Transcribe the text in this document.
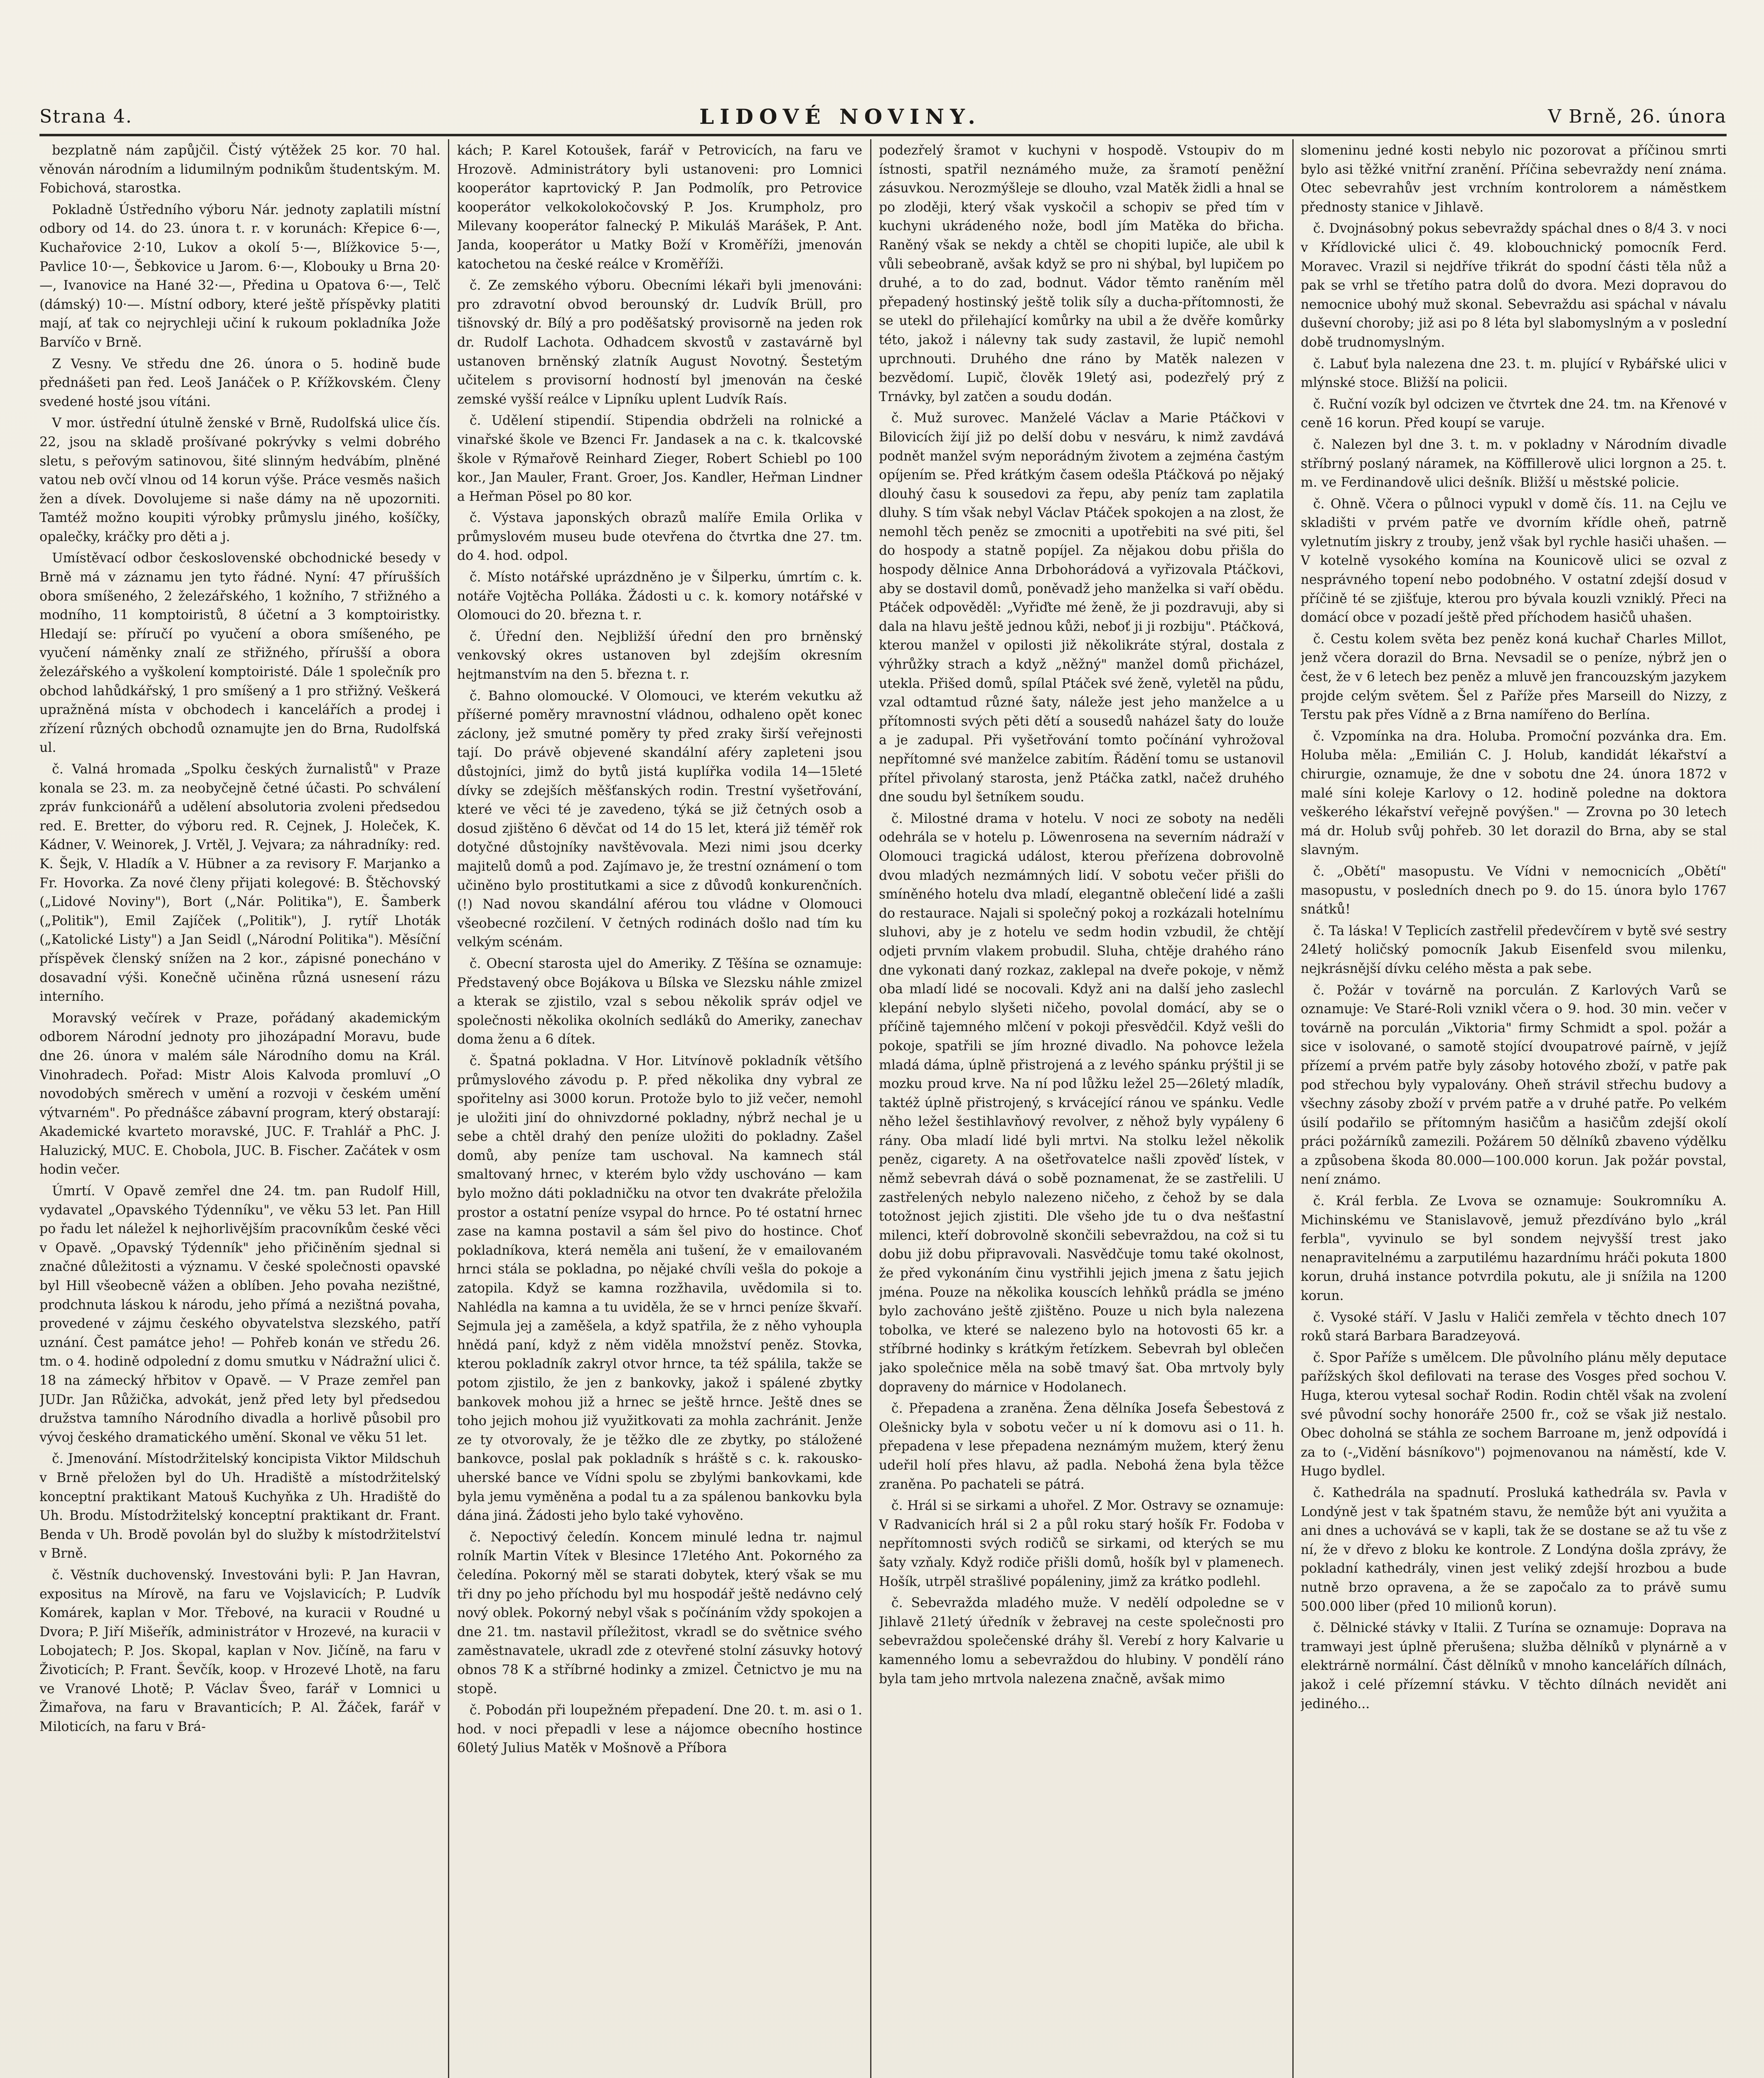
Strana 4.	LIDOVÉ NOVINY.	V Brně, 26. února

bezplatně nám zapůjčil. Čistý výtěžek 25 kor. 70 hal. věnován národním a lidumilným podnikům študentským. M. Fobichová, starostka.

Pokladně Ústředního výboru Nár. jednoty zaplatili místní odbory od 14. do 23. února t. r. v korunách: Křepice 6·—, Kuchařovice 2·10, Lukov a okolí 5·—, Blížkovice 5·—, Pavlice 10·—, Šebkovice u Jarom. 6·—, Klobouky u Brna 20·—, Ivanovice na Hané 32·—, Předina u Opatova 6·—, Telč (dámský) 10·—. Místní odbory, které ještě příspěvky platiti mají, ať tak co nejrychleji učiní k rukoum pokladníka Jože Barvíčo v Brně.

Z Vesny. Ve středu dne 26. února o 5. hodině bude přednášeti pan řed. Leoš Janáček o P. Křížkovském. Členy svedené hosté jsou vítáni.

V mor. ústřední útulně ženské v Brně, Rudolfská ulice čís. 22, jsou na skladě prošívané pokrývky s velmi dobrého sletu, s peřovým satinovou, šité slinným hedvábím, plněné vatou neb ovčí vlnou od 14 korun výše. Práce vesměs našich žen a dívek. Dovolujeme si naše dámy na ně upozorniti. Tamtéž možno koupiti výrobky průmyslu jiného, košíčky, opalečky, kráčky pro děti a j.

Umístěvací odbor československé obchodnické besedy v Brně má v záznamu jen tyto řádné. Nyní: 47 přírušších obora smíšeného, 2 železářského, 1 kožního, 7 střižného a modního, 11 komptoiristů, 8 účetní a 3 komptoiristky. Hledají se: příručí po vyučení a obora smíšeného, pe vyučení náměnky znalí ze střižného, přírušší a obora železářského a vyškolení komptoiristé. Dále 1 společník pro obchod lahůdkářský, 1 pro smíšený a 1 pro střižný. Veškerá upražněná místa v obchodech i kancelářích a prodej i zřízení různých obchodů oznamujte jen do Brna, Rudolfská ul.

č. Valná hromada „Spolku českých žurnalistů" v Praze konala se 23. m. za neobyčejně četné účasti. Po schválení zpráv funkcionářů a udělení absolutoria zvoleni předsedou red. E. Bretter, do výboru red. R. Cejnek, J. Holeček, K. Kádner, V. Weinorek, J. Vrtěl, J. Vejvara; za náhradníky: red. K. Šejk, V. Hladík a V. Hübner a za revisory F. Marjanko a Fr. Hovorka. Za nové členy přijati kolegové: B. Štěchovský („Lidové Noviny"), Bort („Nár. Politika"), E. Šamberk („Politik"), Emil Zajíček („Politik"), J. rytíř Lhoták („Katolické Listy") a Jan Seidl („Národní Politika"). Měsíční příspěvek členský snížen na 2 kor., zápisné ponecháno v dosavadní výši. Konečně učiněna různá usnesení rázu interního.

Moravský večírek v Praze, pořádaný akademickým odborem Národní jednoty pro jihozápadní Moravu, bude dne 26. února v malém sále Národního domu na Král. Vinohradech. Pořad: Mistr Alois Kalvoda promluví „O novodobých směrech v umění a rozvoji v českém umění výtvarném". Po přednášce zábavní program, který obstarají: Akademické kvarteto moravské, JUC. F. Trahlář a PhC. J. Haluzický, MUC. E. Chobola, JUC. B. Fischer. Začátek v osm hodin večer.

Úmrtí. V Opavě zemřel dne 24. tm. pan Rudolf Hill, vydavatel „Opavského Týdenníku", ve věku 53 let. Pan Hill po řadu let náležel k nejhorlivějším pracovníkům české věci v Opavě. „Opavský Týdenník" jeho přičiněním sjednal si značné důležitosti a významu. V české společnosti opavské byl Hill všeobecně vážen a oblíben. Jeho povaha nezištné, prodchnuta láskou k národu, jeho přímá a nezištná povaha, provedené v zájmu českého obyvatelstva slezského, patří uznání. Čest památce jeho! — Pohřeb konán ve středu 26. tm. o 4. hodině odpolední z domu smutku v Nádražní ulici č. 18 na zámecký hřbitov v Opavě. — V Praze zemřel pan JUDr. Jan Růžička, advokát, jenž před lety byl předsedou družstva tamního Národního divadla a horlivě působil pro vývoj českého dramatického umění. Skonal ve věku 51 let.

č. Jmenování. Místodržitelský koncipista Viktor Mildschuh v Brně přeložen byl do Uh. Hradiště a místodržitelský konceptní praktikant Matouš Kuchyňka z Uh. Hradiště do Uh. Brodu. Místodržitelský konceptní praktikant dr. Frant. Benda v Uh. Brodě povolán byl do služby k místodržitelství v Brně.

č. Věstník duchovenský. Investováni byli: P. Jan Havran, expositus na Mírově, na faru ve Vojslavicích; P. Ludvík Komárek, kaplan v Mor. Třebové, na kuracii v Roudné u Dvora; P. Jiří Mišeřík, administrátor v Hrozevé, na kuracii v Lobojatech; P. Jos. Skopal, kaplan v Nov. Jičíně, na faru v Životicích; P. Frant. Ševčík, koop. v Hrozevé Lhotě, na faru ve Vranové Lhotě; P. Václav Šveo, farář v Lomnici u Žimařova, na faru v Bravanticích; P. Al. Žáček, farář v Miloticích, na faru v Brá-

kách; P. Karel Kotoušek, farář v Petrovicích, na faru ve Hrozově. Administrátory byli ustanoveni: pro Lomnici kooperátor kaprtovický P. Jan Podmolík, pro Petrovice kooperátor velkokolokočovský P. Jos. Krumpholz, pro Milevany kooperátor falnecký P. Mikuláš Marášek, P. Ant. Janda, kooperátor u Matky Boží v Kroměříži, jmenován katochetou na české reálce v Kroměříži.

č. Ze zemského výboru. Obecními lékaři byli jmenováni: pro zdravotní obvod berounský dr. Ludvík Brüll, pro tišnovský dr. Bílý a pro poděšatský provisorně na jeden rok dr. Rudolf Lachota. Odhadcem skvostů v zastavárně byl ustanoven brněnský zlatník August Novotný. Šestetým učitelem s provisorní hodností byl jmenován na české zemské vyšší reálce v Lipníku uplent Ludvík Raís.

č. Udělení stipendií. Stipendia obdrželi na rolnické a vinařské škole ve Bzenci Fr. Jandasek a na c. k. tkalcovské škole v Rýmařově Reinhard Zieger, Robert Schiebl po 100 kor., Jan Mauler, Frant. Groer, Jos. Kandler, Heřman Lindner a Heřman Pösel po 80 kor.

č. Výstava japonských obrazů malíře Emila Orlika v průmyslovém museu bude otevřena do čtvrtka dne 27. tm. do 4. hod. odpol.

č. Místo notářské uprázdněno je v Šilperku, úmrtím c. k. notáře Vojtěcha Polláka. Žádosti u c. k. komory notářské v Olomouci do 20. března t. r.

č. Úřední den. Nejbližší úřední den pro brněnský venkovský okres ustanoven byl zdejším okresním hejtmanstvím na den 5. března t. r.

č. Bahno olomoucké. V Olomouci, ve kterém vekutku až příšerné poměry mravnostní vládnou, odhaleno opět konec záclony, jež smutné poměry ty před zraky širší veřejnosti tají. Do právě objevené skandální aféry zapleteni jsou důstojníci, jimž do bytů jistá kuplířka vodila 14—15leté dívky se zdejších měšťanských rodin. Trestní vyšetřování, které ve věci té je zavedeno, týká se již četných osob a dosud zjištěno 6 děvčat od 14 do 15 let, která již téměř rok dotyčné důstojníky navštěvovala. Mezi nimi jsou dcerky majitelů domů a pod. Zajímavo je, že trestní oznámení o tom učiněno bylo prostitutkami a sice z důvodů konkurenčních.(!) Nad novou skandální aférou tou vládne v Olomouci všeobecné rozčilení. V četných rodinách došlo nad tím ku velkým scénám.

č. Obecní starosta ujel do Ameriky. Z Těšína se oznamuje: Představený obce Bojákova u Bílska ve Slezsku náhle zmizel a kterak se zjistilo, vzal s sebou několik správ odjel ve společnosti několika okolních sedláků do Ameriky, zanechav doma ženu a 6 dítek.

č. Špatná pokladna. V Hor. Litvínově pokladník většího průmyslového závodu p. P. před několika dny vybral ze spořitelny asi 3000 korun. Protože bylo to již večer, nemohl je uložiti jiní do ohnivzdorné pokladny, nýbrž nechal je u sebe a chtěl drahý den peníze uložiti do pokladny. Zašel domů, aby peníze tam uschoval. Na kamnech stál smaltovaný hrnec, v kterém bylo vždy uschováno — kam bylo možno dáti pokladničku na otvor ten dvakráte přeložila prostor a ostatní peníze vsypal do hrnce. Po té ostatní hrnec zase na kamna postavil a sám šel pivo do hostince. Choť pokladníkova, která neměla ani tušení, že v emailovaném hrnci stála se pokladna, po nějaké chvíli vešla do pokoje a zatopila. Když se kamna rozžhavila, uvědomila si to. Nahlédla na kamna a tu uviděla, že se v hrnci peníze škvaří. Sejmula jej a zaměšela, a když spatřila, že z něho vyhoupla hnědá paní, když z něm viděla množství peněz. Stovka, kterou pokladník zakryl otvor hrnce, ta též spálila, takže se potom zjistilo, že jen z bankovky, jakož i spálené zbytky bankovek mohou již a hrnec se ještě hrnce. Ještě dnes se toho jejich mohou již využitkovati za mohla zachránit. Jenže ze ty otvorovaly, že je těžko dle ze zbytky, po stáložené bankovce, poslal pak pokladník s hráště s c. k. rakousko-uherské bance ve Vídni spolu se zbylými bankovkami, kde byla jemu vyměněna a podal tu a za spálenou bankovku byla dána jiná. Žádosti jeho bylo také vyhověno.

č. Nepoctivý čeledín. Koncem minulé ledna tr. najmul rolník Martin Vítek v Blesince 17letého Ant. Pokorného za čeledína. Pokorný měl se starati dobytek, který však se mu tři dny po jeho příchodu byl mu hospodář ještě nedávno celý nový oblek. Pokorný nebyl však s počínáním vždy spokojen a dne 21. tm. nastavil příležitost, vkradl se do světnice svého zaměstnavatele, ukradl zde z otevřené stolní zásuvky hotový obnos 78 K a stříbrné hodinky a zmizel. Četnictvo je mu na stopě.

č. Pobodán při loupežném přepadení. Dne 20. t. m. asi o 1. hod. v noci přepadli v lese a nájomce obecního hostince 60letý Julius Matěk v Mošnově a Příbora

podezřelý šramot v kuchyni v hospodě. Vstoupiv do m ístnosti, spatřil neznámého muže, za šramotí peněžní zásuvkou. Nerozmýšleje se dlouho, vzal Matěk židli a hnal se po zloději, který však vyskočil a schopiv se před tím v kuchyni ukrádeného nože, bodl jím Matěka do břicha. Raněný však se nekdy a chtěl se chopiti lupiče, ale ubil k vůli sebeobraně, avšak když se pro ni shýbal, byl lupičem po druhé, a to do zad, bodnut. Vádor těmto raněním měl přepadený hostinský ještě tolik síly a ducha-přítomnosti, že se utekl do přilehající komůrky na ubil a že dvěře komůrky této, jakož i nálevny tak sudy zastavil, že lupič nemohl uprchnouti. Druhého dne ráno by Matěk nalezen v bezvědomí. Lupič, člověk 19letý asi, podezřelý prý z Trnávky, byl zatčen a soudu dodán.

č. Muž surovec. Manželé Václav a Marie Ptáčkovi v Bilovicích žijí již po delší dobu v nesváru, k nimž zavdává podnět manžel svým neporádným životem a zejména častým opíjením se. Před krátkým časem odešla Ptáčková po nějaký dlouhý času k sousedovi za řepu, aby peníz tam zaplatila dluhy. S tím však nebyl Václav Ptáček spokojen a na zlost, že nemohl těch peněz se zmocniti a upotřebiti na své piti, šel do hospody a statně popíjel. Za nějakou dobu přišla do hospody dělnice Anna Drbohorádová a vyřizovala Ptáčkovi, aby se dostavil domů, poněvadž jeho manželka si vaří obědu. Ptáček odpověděl: „Vyřiďte mé ženě, že ji pozdravuji, aby si dala na hlavu ještě jednou kůži, neboť ji ji rozbiju". Ptáčková, kterou manžel v opilosti již několikráte stýral, dostala z výhrůžky strach a když „něžný" manžel domů přicházel, utekla. Přišed domů, spílal Ptáček své ženě, vyletěl na půdu, vzal odtamtud různé šaty, náleže jest jeho manželce a u přítomnosti svých pěti dětí a sousedů naházel šaty do louže a je zadupal. Při vyšetřování tomto počínání vyhrožoval nepřítomné své manželce zabitím. Řádění tomu se ustanovil přítel přivolaný starosta, jenž Ptáčka zatkl, načež druhého dne soudu byl šetníkem soudu.

č. Milostné drama v hotelu. V noci ze soboty na neděli odehrála se v hotelu p. Löwenrosena na severním nádraží v Olomouci tragická událost, kterou přeřízena dobrovolně dvou mladých nezmámných lidí. V sobotu večer přišli do smíněného hotelu dva mladí, elegantně oblečení lidé a zašli do restaurace. Najali si společný pokoj a rozkázali hotelnímu sluhovi, aby je z hotelu ve sedm hodin vzbudil, že chtějí odjeti prvním vlakem probudil. Sluha, chtěje drahého ráno dne vykonati daný rozkaz, zaklepal na dveře pokoje, v němž oba mladí lidé se nocovali. Když ani na další jeho zaslechl klepání nebylo slyšeti ničeho, povolal domácí, aby se o příčině tajemného mlčení v pokoji přesvědčil. Když vešli do pokoje, spatřili se jím hrozné divadlo. Na pohovce ležela mladá dáma, úplně přistrojená a z levého spánku prýštil ji se mozku proud krve. Na ní pod lůžku ležel 25—26letý mladík, taktéž úplně přistrojený, s krvácející ránou ve spánku. Vedle něho ležel šestihlavňový revolver, z něhož byly vypáleny 6 rány. Oba mladí lidé byli mrtvi. Na stolku ležel několik peněz, cigarety. A na ošetřovatelce našli zpověď lístek, v němž sebevrah dává o sobě poznamenat, že se zastřelili. U zastřelených nebylo nalezeno ničeho, z čehož by se dala totožnost jejich zjistiti. Dle všeho jde tu o dva nešťastní milenci, kteří dobrovolně skončili sebevraždou, na což si tu dobu již dobu připravovali. Nasvědčuje tomu také okolnost, že před vykonáním činu vystřihli jejich jmena z šatu jejich jména. Pouze na několika kouscích lehňků prádla se jméno bylo zachováno ještě zjištěno. Pouze u nich byla nalezena tobolka, ve které se nalezeno bylo na hotovosti 65 kr. a stříbrné hodinky s krátkým řetízkem. Sebevrah byl oblečen jako společnice měla na sobě tmavý šat. Oba mrtvoly byly dopraveny do márnice v Hodolanech.

č. Přepadena a zraněna. Žena dělníka Josefa Šebestová z Olešnicky byla v sobotu večer u ní k domovu asi o 11. h. přepadena v lese přepadena neznámým mužem, který ženu udeřil holí přes hlavu, až padla. Nebohá žena byla těžce zraněna. Po pachateli se pátrá.

č. Hrál si se sirkami a uhořel. Z Mor. Ostravy se oznamuje: V Radvanicích hrál si 2 a půl roku starý hošík Fr. Fodoba v nepřítomnosti svých rodičů se sirkami, od kterých se mu šaty vzňaly. Když rodiče přišli domů, hošík byl v plamenech. Hošík, utrpěl strašlivé popáleniny, jimž za krátko podlehl.

č. Sebevražda mladého muže. V nedělí odpoledne se v Jihlavě 21letý úředník v žebravej na ceste společnosti pro sebevraždou společenské dráhy šl. Verebí z hory Kalvarie u kamenného lomu a sebevraždou do hlubiny. V pondělí ráno byla tam jeho mrtvola nalezena značně, avšak mimo

slomeninu jedné kosti nebylo nic pozorovat a příčinou smrti bylo asi těžké vnitřní zranění. Příčina sebevraždy není známa. Otec sebevrahův jest vrchním kontrolorem a náměstkem přednosty stanice v Jihlavě.

č. Dvojnásobný pokus sebevraždy spáchal dnes o 8/4 3. v noci v Křídlovické ulici č. 49. klobouchnický pomocník Ferd. Moravec. Vrazil si nejdříve třikrát do spodní části těla nůž a pak se vrhl se třetího patra dolů do dvora. Mezi dopravou do nemocnice ubohý muž skonal. Sebevraždu asi spáchal v návalu duševní choroby; již asi po 8 léta byl slabomyslným a v poslední době trudnomyslným.

č. Labuť byla nalezena dne 23. t. m. plující v Rybářské ulici v mlýnské stoce. Bližší na policii.

č. Ruční vozík byl odcizen ve čtvrtek dne 24. tm. na Křenové v ceně 16 korun. Před koupí se varuje.

č. Nalezen byl dne 3. t. m. v pokladny v Národním divadle stříbrný poslaný náramek, na Köffillerově ulici lorgnon a 25. t. m. ve Ferdinandově ulici dešník. Bližší u městské policie.

č. Ohně. Včera o půlnoci vypukl v domě čís. 11. na Cejlu ve skladišti v prvém patře ve dvorním křídle oheň, patrně vyletnutím jiskry z trouby, jenž však byl rychle hasiči uhašen. — V kotelně vysokého komína na Kounicově ulici se ozval z nesprávného topení nebo podobného. V ostatní zdejší dosud v příčině té se zjišťuje, kterou pro bývala kouzli vzniklý. Přeci na domácí obce v pozadí ještě před příchodem hasičů uhašen.

č. Cestu kolem světa bez peněz koná kuchař Charles Millot, jenž včera dorazil do Brna. Nevsadil se o peníze, nýbrž jen o čest, že v 6 letech bez peněz a mluvě jen francouzským jazykem projde celým světem. Šel z Paříže přes Marseill do Nizzy, z Terstu pak přes Vídně a z Brna namířeno do Berlína.

č. Vzpomínka na dra. Holuba. Promoční pozvánka dra. Em. Holuba měla: „Emilián C. J. Holub, kandidát lékařství a chirurgie, oznamuje, že dne v sobotu dne 24. února 1872 v malé síni koleje Karlovy o 12. hodině poledne na doktora veškerého lékařství veřejně povýšen." — Zrovna po 30 letech má dr. Holub svůj pohřeb. 30 let dorazil do Brna, aby se stal slavným.

č. „Obětí" masopustu. Ve Vídni v nemocnicích „Obětí" masopustu, v posledních dnech po 9. do 15. února bylo 1767 snátků!

č. Ta láska! V Teplicích zastřelil předevčírem v bytě své sestry 24letý holičský pomocník Jakub Eisenfeld svou milenku, nejkrásnější dívku celého města a pak sebe.

č. Požár v továrně na porculán. Z Karlových Varů se oznamuje: Ve Staré-Roli vznikl včera o 9. hod. 30 min. večer v továrně na porculán „Viktoria" firmy Schmidt a spol. požár a sice v isolované, o samotě stojící dvoupatrové paírně, v jejíž přízemí a prvém patře byly zásoby hotového zboží, v patře pak pod střechou byly vypalovány. Oheň strávil střechu budovy a všechny zásoby zboží v prvém patře a v druhé patře. Po velkém úsilí podařilo se přítomným hasičům a hasičům zdejší okolí práci požárníků zamezili. Požárem 50 dělníků zbaveno výdělku a způsobena škoda 80.000—100.000 korun. Jak požár povstal, není známo.

č. Král ferbla. Ze Lvova se oznamuje: Soukromníku A. Michinskému ve Stanislavově, jemuž přezdíváno bylo „král ferbla", vyvinulo se byl sondem nejvyšší trest jako nenapravitelnému a zarputilému hazardnímu hráči pokuta 1800 korun, druhá instance potvrdila pokutu, ale ji snížila na 1200 korun.

č. Vysoké stáří. V Jaslu v Haliči zemřela v těchto dnech 107 roků stará Barbara Baradzeyová.

č. Spor Paříže s umělcem. Dle půvolního plánu měly deputace pařížských škol defilovati na terase des Vosges před sochou V. Huga, kterou vytesal sochař Rodin. Rodin chtěl však na zvolení své původní sochy honoráře 2500 fr., což se však již nestalo. Obec doholná se stáhla ze sochem Barroane m, jenž odpovídá i za to (-„Vidění básníkovo") pojmenovanou na náměstí, kde V. Hugo bydlel.

č. Kathedrála na spadnutí. Prosluká kathedrála sv. Pavla v Londýně jest v tak špatném stavu, že nemůže být ani využita a ani dnes a uchovává se v kapli, tak že se dostane se až tu vše z ní, že v dřevo z bloku ke kontrole. Z Londýna došla zprávy, že pokladní kathedrály, vinen jest veliký zdejší hrozbou a bude nutně brzo opravena, a že se započalo za to právě sumu 500.000 liber (před 10 milionů korun).

č. Dělnické stávky v Italii. Z Turína se oznamuje: Doprava na tramwayi jest úplně přerušena; služba dělníků v plynárně a v elektrárně normální. Část dělníků v mnoho kancelářích dílnách, jakož i celé přízemní stávku. V těchto dílnách nevidět ani jediného...
